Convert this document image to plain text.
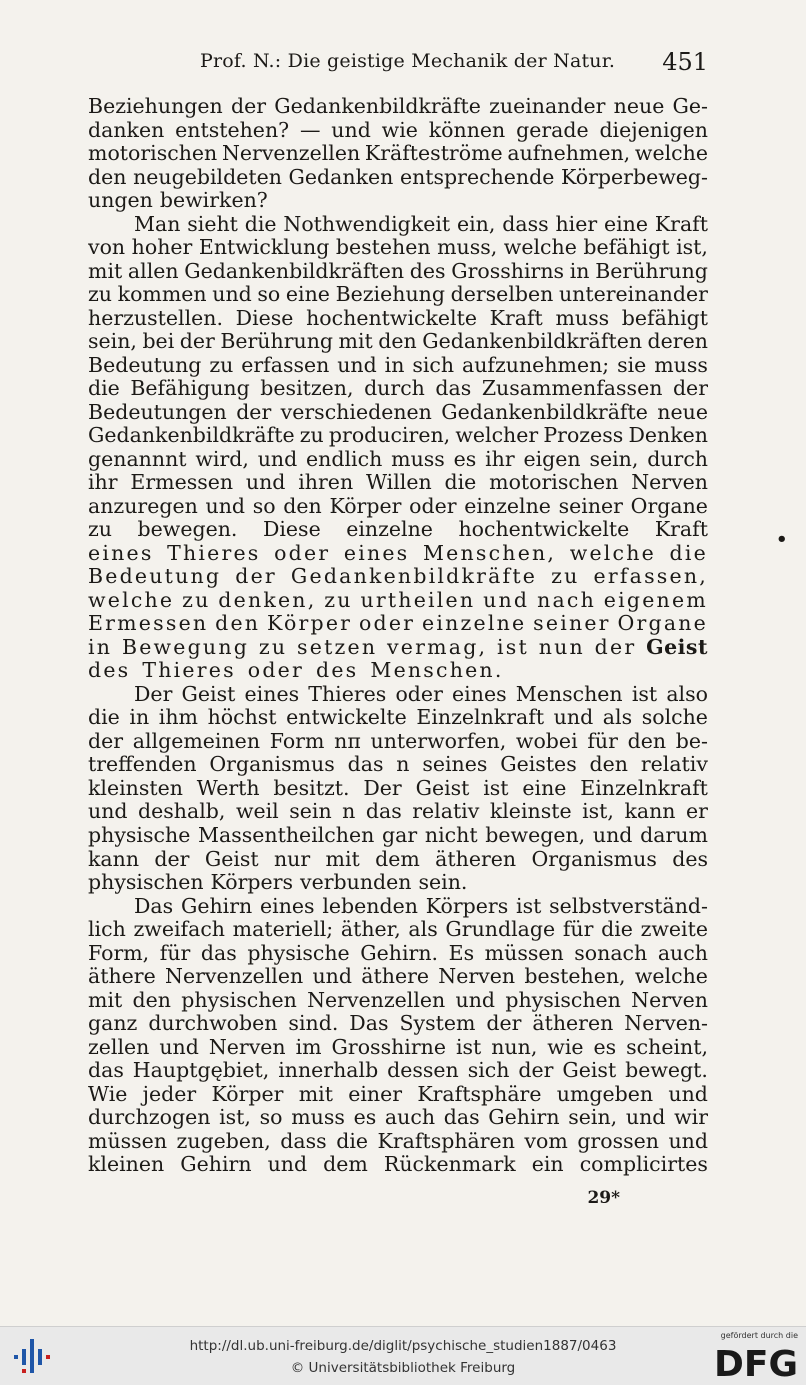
Prof. N.: Die geistige Mechanik der Natur. 451
Beziehungen der Gedankenbildkräfte zueinander neue Ge-
danken entstehen? — und wie können gerade diejenigen
motorischen Nervenzellen Kräfteströme aufnehmen, welche
den neugebildeten Gedanken entsprechende Körperbeweg-
ungen bewirken?
Man sieht die Nothwendigkeit ein, dass hier eine Kraft
von hoher Entwicklung bestehen muss, welche befähigt ist,
mit allen Gedankenbildkräften des Grosshirns in Berührung
zu kommen und so eine Beziehung derselben untereinander
herzustellen. Diese hochentwickelte Kraft muss befähigt
sein, bei der Berührung mit den Gedankenbildkräften deren
Bedeutung zu erfassen und in sich aufzunehmen; sie muss
die Befähigung besitzen, durch das Zusammenfassen der
Bedeutungen der verschiedenen Gedankenbildkräfte neue
Gedankenbildkräfte zu produciren, welcher Prozess Denken
genannnt wird, und endlich muss es ihr eigen sein, durch
ihr Ermessen und ihren Willen die motorischen Nerven
anzuregen und so den Körper oder einzelne seiner Organe
zu bewegen. Diese einzelne hochentwickelte Kraft
eines Thieres oder eines Menschen, welche die
Bedeutung der Gedankenbildkräfte zu erfassen,
welche zu denken, zu urtheilen und nach eigenem
Ermessen den Körper oder einzelne seiner Organe
in Bewegung zu setzen vermag, ist nun der Geist
des Thieres oder des Menschen.
Der Geist eines Thieres oder eines Menschen ist also
die in ihm höchst entwickelte Einzelnkraft und als solche
der allgemeinen Form nπ unterworfen, wobei für den be-
treffenden Organismus das n seines Geistes den relativ
kleinsten Werth besitzt. Der Geist ist eine Einzelnkraft
und deshalb, weil sein n das relativ kleinste ist, kann er
physische Massentheilchen gar nicht bewegen, und darum
kann der Geist nur mit dem ätheren Organismus des
physischen Körpers verbunden sein.
Das Gehirn eines lebenden Körpers ist selbstverständ-
lich zweifach materiell; äther, als Grundlage für die zweite
Form, für das physische Gehirn. Es müssen sonach auch
äthere Nervenzellen und äthere Nerven bestehen, welche
mit den physischen Nervenzellen und physischen Nerven
ganz durchwoben sind. Das System der ätheren Nerven-
zellen und Nerven im Grosshirne ist nun, wie es scheint,
das Hauptgębiet, innerhalb dessen sich der Geist bewegt.
Wie jeder Körper mit einer Kraftsphäre umgeben und
durchzogen ist, so muss es auch das Gehirn sein, und wir
müssen zugeben, dass die Kraftsphären vom grossen und
kleinen Gehirn und dem Rückenmark ein complicirtes
29*
•
http://dl.ub.uni-freiburg.de/diglit/psychische_studien1887/0463
© Universitätsbibliothek Freiburg
gefördert durch die
DFG
